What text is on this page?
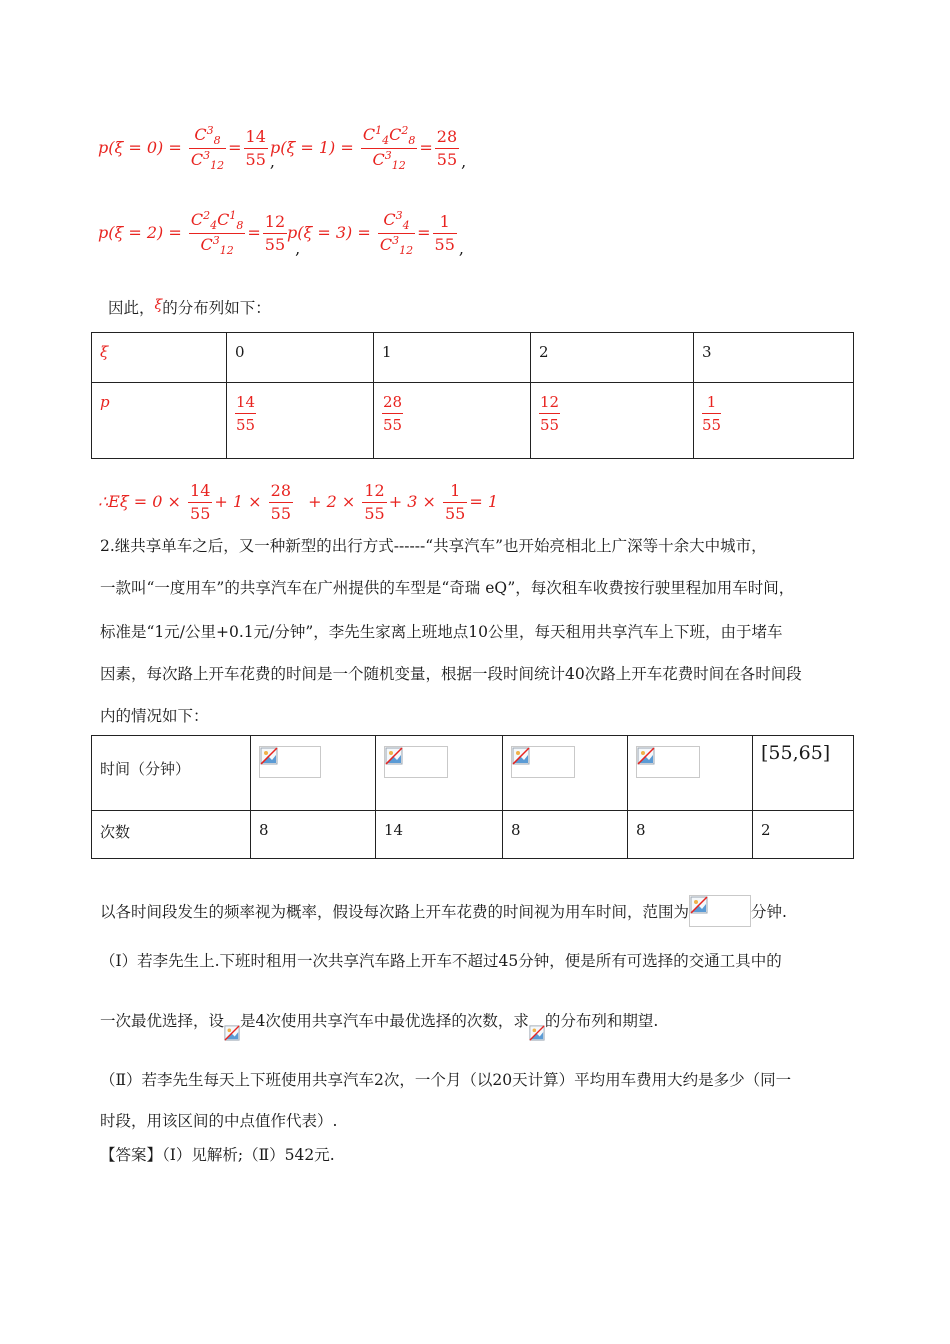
$p(\xi = 0) = \frac{C^3_8}{C^3_{12}} = \frac{14}{55}$ ,
$p(\xi = 1) = \frac{C^1_4C^2_8}{C^3_{12}} = \frac{28}{55}$ ,
$p(\xi = 2) = \frac{C^2_4C^1_8}{C^3_{12}} = \frac{12}{55}$ ,
$p(\xi = 3) = \frac{C^3_4}{C^3_{12}} = \frac{1}{55}$ ,
因此，ξ的分布列如下：
ξ	0	1	2	3
p	$\frac{14}{55}$	$\frac{28}{55}$	$\frac{12}{55}$	$\frac{1}{55}$
∴Eξ = $0 \times \frac{14}{55} + 1 \times \frac{28}{55} + 2 \times \frac{12}{55} + 3 \times \frac{1}{55} = 1$
2.继共享单车之后，又一种新型的出行方式------“共享汽车”也开始亮相北上广深等十余大中城市，
一款叫“一度用车”的共享汽车在广州提供的车型是“奇瑞 eQ”，每次租车收费按行驶里程加用车时间，
标准是“1元/公里+0.1元/分钟”，李先生家离上班地点10公里，每天租用共享汽车上下班，由于堵车
因素，每次路上开车花费的时间是一个随机变量，根据一段时间统计40次路上开车花费时间在各时间段
内的情况如下：
时间（分钟）					[55,65]
次数	8	14	8	8	2
以各时间段发生的频率视为概率，假设每次路上开车花费的时间视为用车时间，范围为	分钟.
（Ⅰ）若李先生上.下班时租用一次共享汽车路上开车不超过45分钟，便是所有可选择的交通工具中的
一次最优选择，设 是4次使用共享汽车中最优选择的次数，求 的分布列和期望.
（Ⅱ）若李先生每天上下班使用共享汽车2次，一个月（以20天计算）平均用车费用大约是多少（同一
时段，用该区间的中点值作代表）.
【答案】（Ⅰ）见解析;（Ⅱ）542元.
